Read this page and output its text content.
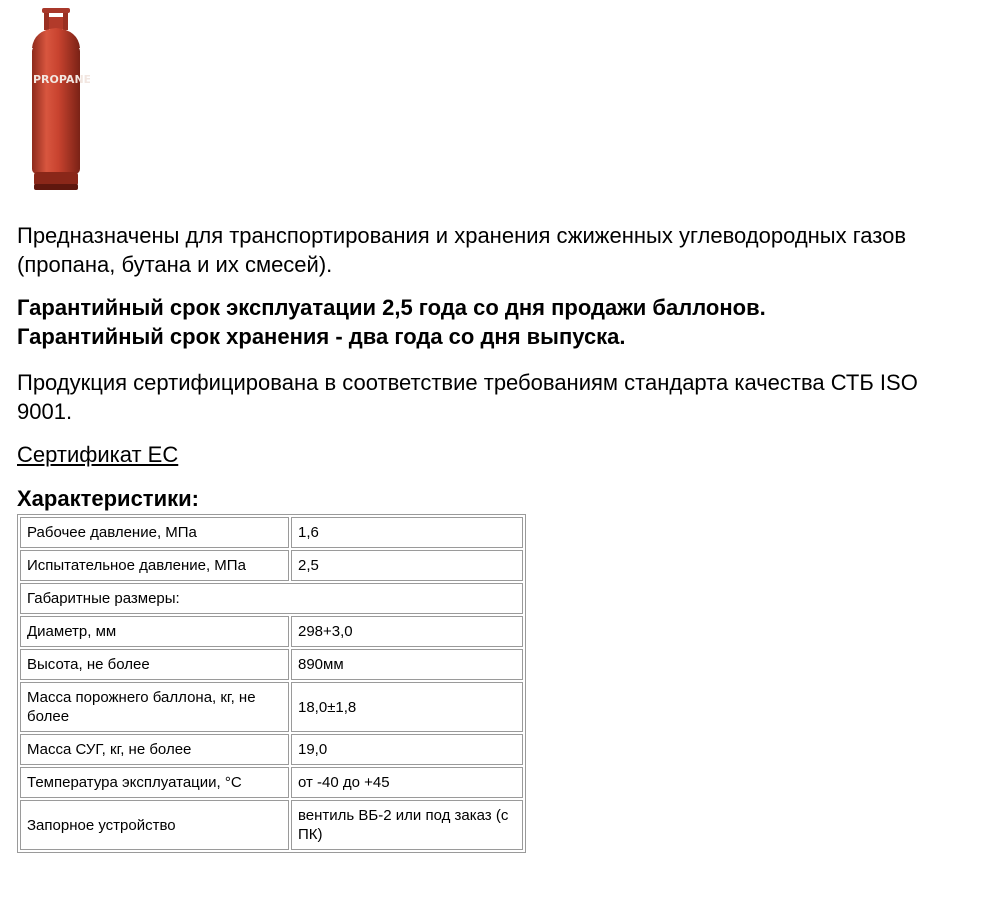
PROPANE

Предназначены для транспортирования и хранения сжиженных углеводородных газов (пропана, бутана и их смесей).

Гарантийный срок эксплуатации 2,5 года со дня продажи баллонов.
Гарантийный срок хранения - два года со дня выпуска.

Продукция сертифицирована в соответствие требованиям стандарта качества СТБ ISO 9001.

Сертификат ЕС
Характеристики:
Рабочее давление, МПа	1,6
Испытательное давление, МПа	2,5
Габаритные размеры:	
Диаметр, мм	298+3,0
Высота, не более	890мм
Масса порожнего баллона, кг, не более	18,0±1,8
Масса СУГ, кг, не более	19,0
Температура эксплуатации, °С	от -40 до +45
Запорное устройство	вентиль ВБ-2 или под заказ (с ПК)
